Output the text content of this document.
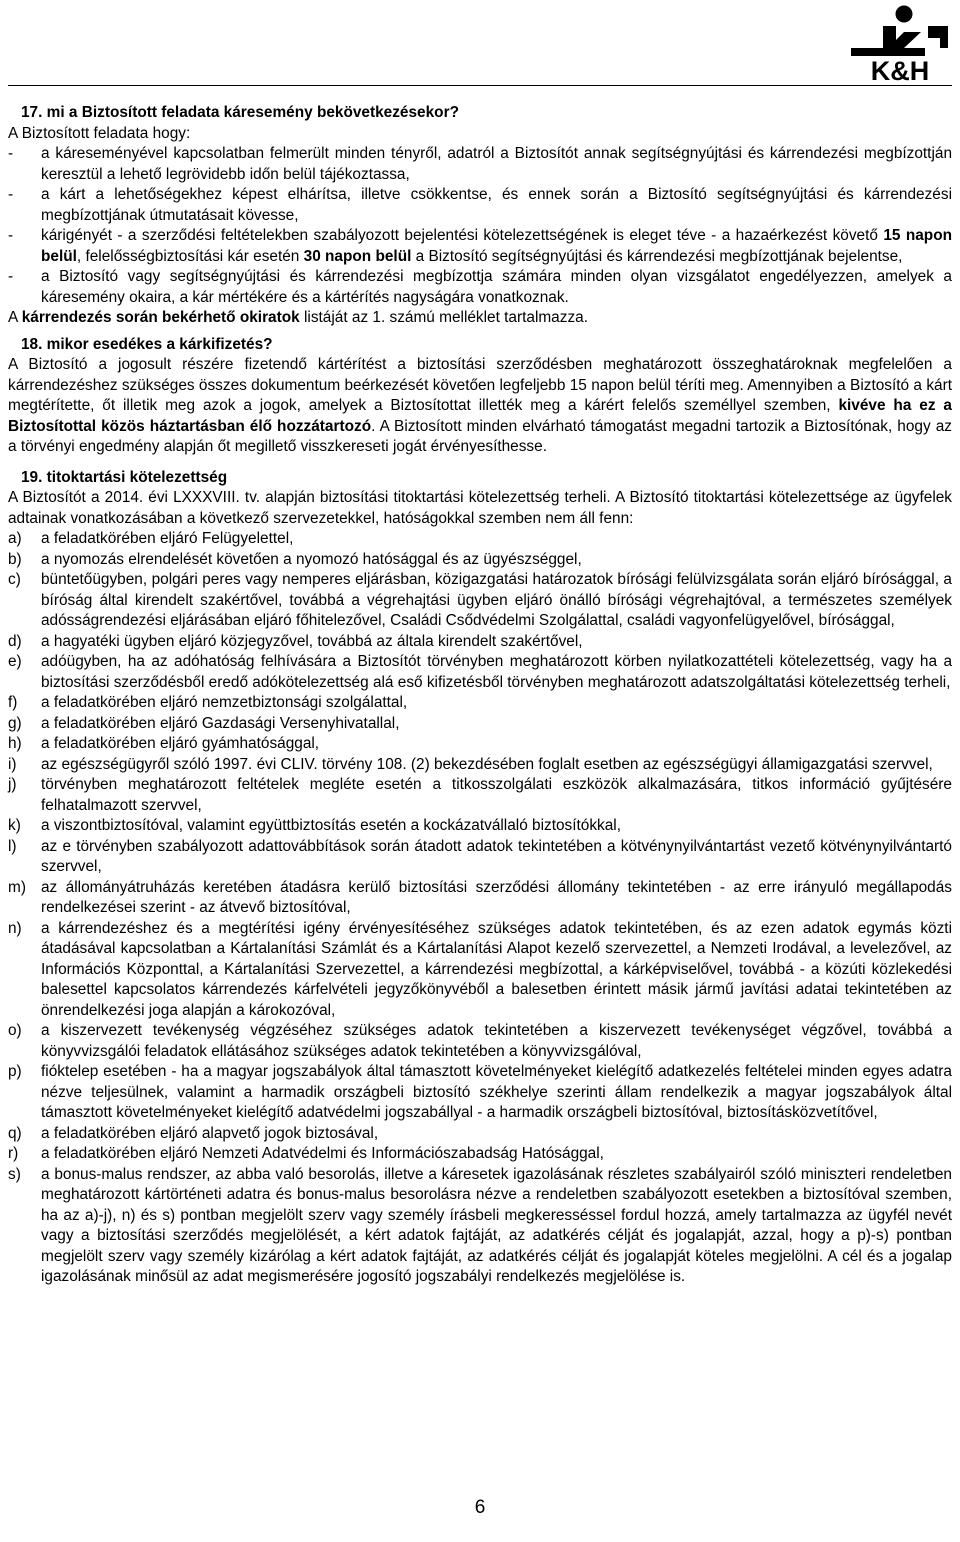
K&H
17. mi a Biztosított feladata káresemény bekövetkezésekor?

A Biztosított feladata hogy:

-	a káreseményével kapcsolatban felmerült minden tényről, adatról a Biztosítót annak segítségnyújtási és kárrendezési megbízottján keresztül a lehető legrövidebb időn belül tájékoztassa,
-	a kárt a lehetőségekhez képest elhárítsa, illetve csökkentse, és ennek során a Biztosító segítségnyújtási és kárrendezési megbízottjának útmutatásait kövesse,
-	kárigényét - a szerződési feltételekben szabályozott bejelentési kötelezettségének is eleget téve - a hazaérkezést követő 15 napon belül, felelősségbiztosítási kár esetén 30 napon belül a Biztosító segítségnyújtási és kárrendezési megbízottjának bejelentse,
-	a Biztosító vagy segítségnyújtási és kárrendezési megbízottja számára minden olyan vizsgálatot engedélyezzen, amelyek a káresemény okaira, a kár mértékére és a kártérítés nagyságára vonatkoznak.

A kárrendezés során bekérhető okiratok listáját az 1. számú melléklet tartalmazza.

18. mikor esedékes a kárkifizetés?

A Biztosító a jogosult részére fizetendő kártérítést a biztosítási szerződésben meghatározott összeghatároknak megfelelően a kárrendezéshez szükséges összes dokumentum beérkezését követően legfeljebb 15 napon belül téríti meg. Amennyiben a Biztosító a kárt megtérítette, őt illetik meg azok a jogok, amelyek a Biztosítottat illették meg a kárért felelős személlyel szemben, kivéve ha ez a Biztosítottal közös háztartásban élő hozzátartozó. A Biztosított minden elvárható támogatást megadni tartozik a Biztosítónak, hogy az a törvényi engedmény alapján őt megillető visszkereseti jogát érvényesíthesse.

19. titoktartási kötelezettség

A Biztosítót a 2014. évi LXXXVIII. tv. alapján biztosítási titoktartási kötelezettség terheli. A Biztosító titoktartási kötelezettsége az ügyfelek adtainak vonatkozásában a következő szervezetekkel, hatóságokkal szemben nem áll fenn:

a)	a feladatkörében eljáró Felügyelettel,
b)	a nyomozás elrendelését követően a nyomozó hatósággal és az ügyészséggel,
c)	büntetőügyben, polgári peres vagy nemperes eljárásban, közigazgatási határozatok bírósági felülvizsgálata során eljáró bírósággal, a bíróság által kirendelt szakértővel, továbbá a végrehajtási ügyben eljáró önálló bírósági végrehajtóval, a természetes személyek adósságrendezési eljárásában eljáró főhitelezővel, Családi Csődvédelmi Szolgálattal, családi vagyonfelügyelővel, bírósággal,
d)	a hagyatéki ügyben eljáró közjegyzővel, továbbá az általa kirendelt szakértővel,
e)	adóügyben, ha az adóhatóság felhívására a Biztosítót törvényben meghatározott körben nyilatkozattételi kötelezettség, vagy ha a biztosítási szerződésből eredő adókötelezettség alá eső kifizetésből törvényben meghatározott adatszolgáltatási kötelezettség terheli,
f)	a feladatkörében eljáró nemzetbiztonsági szolgálattal,
g)	a feladatkörében eljáró Gazdasági Versenyhivatallal,
h)	a feladatkörében eljáró gyámhatósággal,
i)	az egészségügyről szóló 1997. évi CLIV. törvény 108. (2) bekezdésében foglalt esetben az egészségügyi államigazgatási szervvel,
j)	törvényben meghatározott feltételek megléte esetén a titkosszolgálati eszközök alkalmazására, titkos információ gyűjtésére felhatalmazott szervvel,
k)	a viszontbiztosítóval, valamint együttbiztosítás esetén a kockázatvállaló biztosítókkal,
l)	az e törvényben szabályozott adattovábbítások során átadott adatok tekintetében a kötvénynyilvántartást vezető kötvénynyilvántartó szervvel,
m) az állományátruházás keretében átadásra kerülő biztosítási szerződési állomány tekintetében - az erre irányuló megállapodás rendelkezései szerint - az átvevő biztosítóval,
n)	a kárrendezéshez és a megtérítési igény érvényesítéséhez szükséges adatok tekintetében, és az ezen adatok egymás közti átadásával kapcsolatban a Kártalanítási Számlát és a Kártalanítási Alapot kezelő szervezettel, a Nemzeti Irodával, a levelezővel, az Információs Központtal, a Kártalanítási Szervezettel, a kárrendezési megbízottal, a kárképviselővel, továbbá - a közúti közlekedési balesettel kapcsolatos kárrendezés kárfelvételi jegyzőkönyvéből a balesetben érintett másik jármű javítási adatai tekintetében az önrendelkezési joga alapján a károkozóval,
o)	a kiszervezett tevékenység végzéséhez szükséges adatok tekintetében a kiszervezett tevékenységet végzővel, továbbá a könyvvizsgálói feladatok ellátásához szükséges adatok tekintetében a könyvvizsgálóval,
p)	fióktelep esetében - ha a magyar jogszabályok által támasztott követelményeket kielégítő adatkezelés feltételei minden egyes adatra nézve teljesülnek, valamint a harmadik országbeli biztosító székhelye szerinti állam rendelkezik a magyar jogszabályok által támasztott követelményeket kielégítő adatvédelmi jogszabállyal - a harmadik országbeli biztosítóval, biztosításközvetítővel,
q)	a feladatkörében eljáró alapvető jogok biztosával,
r)	a feladatkörében eljáró Nemzeti Adatvédelmi és Információszabadság Hatósággal,
s)	a bonus-malus rendszer, az abba való besorolás, illetve a káresetek igazolásának részletes szabályairól szóló miniszteri rendeletben meghatározott kártörténeti adatra és bonus-malus besorolásra nézve a rendeletben szabályozott esetekben a biztosítóval szemben, ha az a)-j), n) és s) pontban megjelölt szerv vagy személy írásbeli megkeresséssel fordul hozzá, amely tartalmazza az ügyfél nevét vagy a biztosítási szerződés megjelölését, a kért adatok fajtáját, az adatkérés célját és jogalapját, azzal, hogy a p)-s) pontban megjelölt szerv vagy személy kizárólag a kért adatok fajtáját, az adatkérés célját és jogalapját köteles megjelölni. A cél és a jogalap igazolásának minősül az adat megismerésére jogosító jogszabályi rendelkezés megjelölése is.
6
